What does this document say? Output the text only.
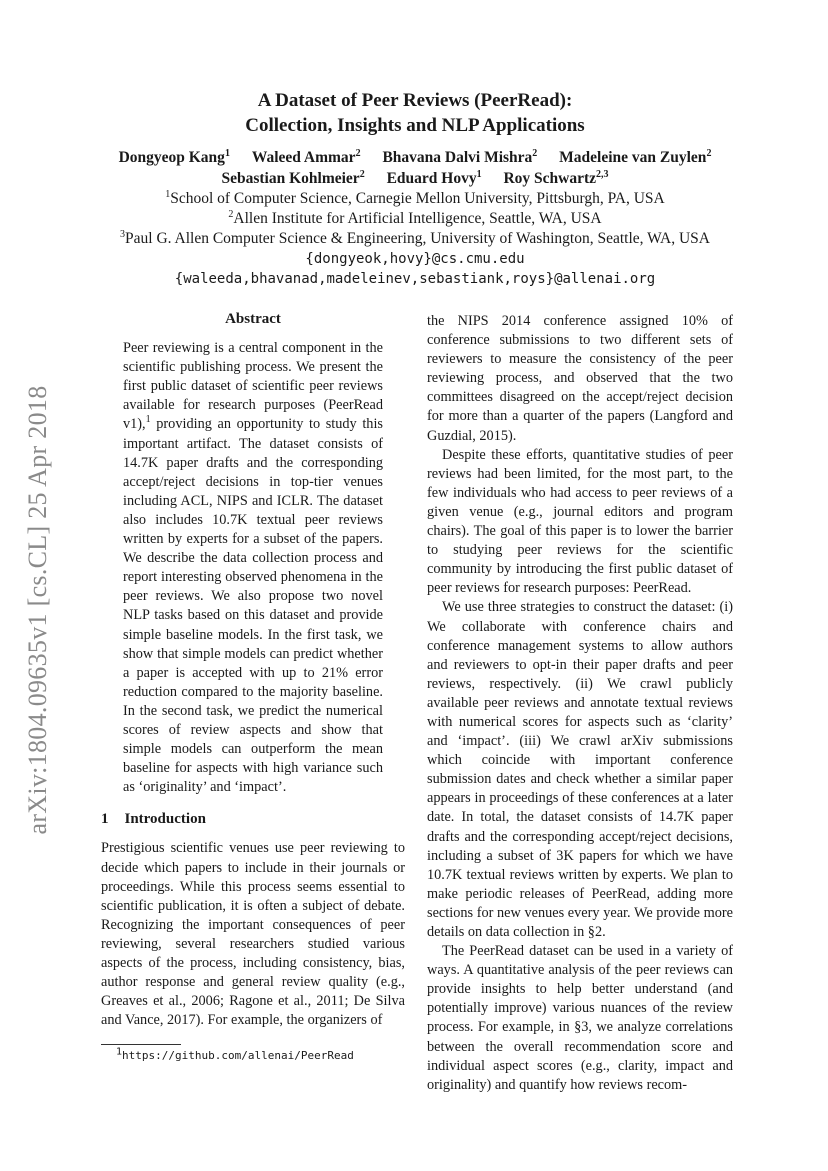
arXiv:1804.09635v1 [cs.CL] 25 Apr 2018
A Dataset of Peer Reviews (PeerRead):
Collection, Insights and NLP Applications
Dongyeop Kang$^1$ Waleed Ammar$^2$ Bhavana Dalvi Mishra$^2$ Madeleine van Zuylen$^2$
Sebastian Kohlmeier$^2$ Eduard Hovy$^1$ Roy Schwartz$^{2,3}$
$^1$School of Computer Science, Carnegie Mellon University, Pittsburgh, PA, USA
$^2$Allen Institute for Artificial Intelligence, Seattle, WA, USA
$^3$Paul G. Allen Computer Science & Engineering, University of Washington, Seattle, WA, USA
{dongyeok,hovy}@cs.cmu.edu
{waleeda,bhavanad,madeleinev,sebastiank,roys}@allenai.org
Abstract

Peer reviewing is a central component in the scientific publishing process. We present the first public dataset of scientific peer reviews available for research purposes (PeerRead v1),$^1$ providing an opportunity to study this important artifact. The dataset consists of 14.7K paper drafts and the corresponding accept/reject decisions in top-tier venues including ACL, NIPS and ICLR. The dataset also includes 10.7K textual peer reviews written by experts for a subset of the papers. We describe the data collection process and report interesting observed phenomena in the peer reviews. We also propose two novel NLP tasks based on this dataset and provide simple baseline models. In the first task, we show that simple models can predict whether a paper is accepted with up to 21% error reduction compared to the majority baseline. In the second task, we predict the numerical scores of review aspects and show that simple models can outperform the mean baseline for aspects with high variance such as ‘originality’ and ‘impact’.

1 Introduction

Prestigious scientific venues use peer reviewing to decide which papers to include in their journals or proceedings. While this process seems essential to scientific publication, it is often a subject of debate. Recognizing the important consequences of peer reviewing, several researchers studied various aspects of the process, including consistency, bias, author response and general review quality (e.g., Greaves et al., 2006; Ragone et al., 2011; De Silva and Vance, 2017). For example, the organizers of

the NIPS 2014 conference assigned 10% of conference submissions to two different sets of reviewers to measure the consistency of the peer reviewing process, and observed that the two committees disagreed on the accept/reject decision for more than a quarter of the papers (Langford and Guzdial, 2015).

Despite these efforts, quantitative studies of peer reviews had been limited, for the most part, to the few individuals who had access to peer reviews of a given venue (e.g., journal editors and program chairs). The goal of this paper is to lower the barrier to studying peer reviews for the scientific community by introducing the first public dataset of peer reviews for research purposes: PeerRead.

We use three strategies to construct the dataset: (i) We collaborate with conference chairs and conference management systems to allow authors and reviewers to opt-in their paper drafts and peer reviews, respectively. (ii) We crawl publicly available peer reviews and annotate textual reviews with numerical scores for aspects such as ‘clarity’ and ‘impact’. (iii) We crawl arXiv submissions which coincide with important conference submission dates and check whether a similar paper appears in proceedings of these conferences at a later date. In total, the dataset consists of 14.7K paper drafts and the corresponding accept/reject decisions, including a subset of 3K papers for which we have 10.7K textual reviews written by experts. We plan to make periodic releases of PeerRead, adding more sections for new venues every year. We provide more details on data collection in §2.

The PeerRead dataset can be used in a variety of ways. A quantitative analysis of the peer reviews can provide insights to help better understand (and potentially improve) various nuances of the review process. For example, in §3, we analyze correlations between the overall recommendation score and individual aspect scores (e.g., clarity, impact and originality) and quantify how reviews recom-

$^1$https://github.com/allenai/PeerRead
